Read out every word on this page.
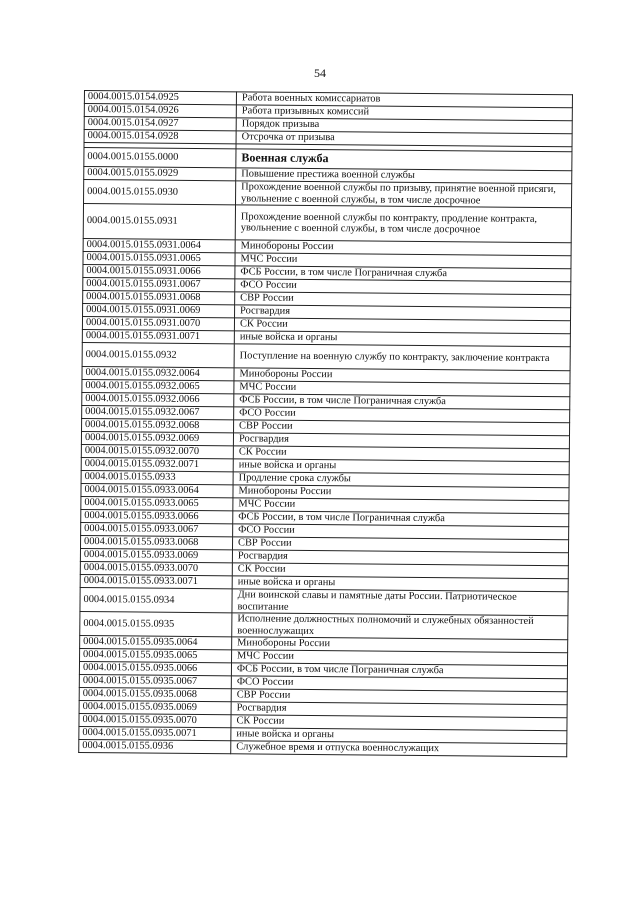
54
0004.0015.0154.0925	Работа военных комиссариатов
0004.0015.0154.0926	Работа призывных комиссий
0004.0015.0154.0927	Порядок призыва
0004.0015.0154.0928	Отсрочка от призыва

0004.0015.0155.0000	Военная служба
0004.0015.0155.0929	Повышение престижа военной службы
0004.0015.0155.0930	Прохождение военной службы по призыву, принятие военной присяги, увольнение с военной службы, в том числе досрочное
0004.0015.0155.0931	Прохождение военной службы по контракту, продление контракта, увольнение с военной службы, в том числе досрочное
0004.0015.0155.0931.0064	Минобороны России
0004.0015.0155.0931.0065	МЧС России
0004.0015.0155.0931.0066	ФСБ России, в том числе Пограничная служба
0004.0015.0155.0931.0067	ФСО России
0004.0015.0155.0931.0068	СВР России
0004.0015.0155.0931.0069	Росгвардия
0004.0015.0155.0931.0070	СК России
0004.0015.0155.0931.0071	иные войска и органы
0004.0015.0155.0932	Поступление на военную службу по контракту, заключение контракта
0004.0015.0155.0932.0064	Минобороны России
0004.0015.0155.0932.0065	МЧС России
0004.0015.0155.0932.0066	ФСБ России, в том числе Пограничная служба
0004.0015.0155.0932.0067	ФСО России
0004.0015.0155.0932.0068	СВР России
0004.0015.0155.0932.0069	Росгвардия
0004.0015.0155.0932.0070	СК России
0004.0015.0155.0932.0071	иные войска и органы
0004.0015.0155.0933	Продление срока службы
0004.0015.0155.0933.0064	Минобороны России
0004.0015.0155.0933.0065	МЧС России
0004.0015.0155.0933.0066	ФСБ России, в том числе Пограничная служба
0004.0015.0155.0933.0067	ФСО России
0004.0015.0155.0933.0068	СВР России
0004.0015.0155.0933.0069	Росгвардия
0004.0015.0155.0933.0070	СК России
0004.0015.0155.0933.0071	иные войска и органы
0004.0015.0155.0934	Дни воинской славы и памятные даты России. Патриотическое воспитание
0004.0015.0155.0935	Исполнение должностных полномочий и служебных обязанностей военнослужащих
0004.0015.0155.0935.0064	Минобороны России
0004.0015.0155.0935.0065	МЧС России
0004.0015.0155.0935.0066	ФСБ России, в том числе Пограничная служба
0004.0015.0155.0935.0067	ФСО России
0004.0015.0155.0935.0068	СВР России
0004.0015.0155.0935.0069	Росгвардия
0004.0015.0155.0935.0070	СК России
0004.0015.0155.0935.0071	иные войска и органы
0004.0015.0155.0936	Служебное время и отпуска военнослужащих
